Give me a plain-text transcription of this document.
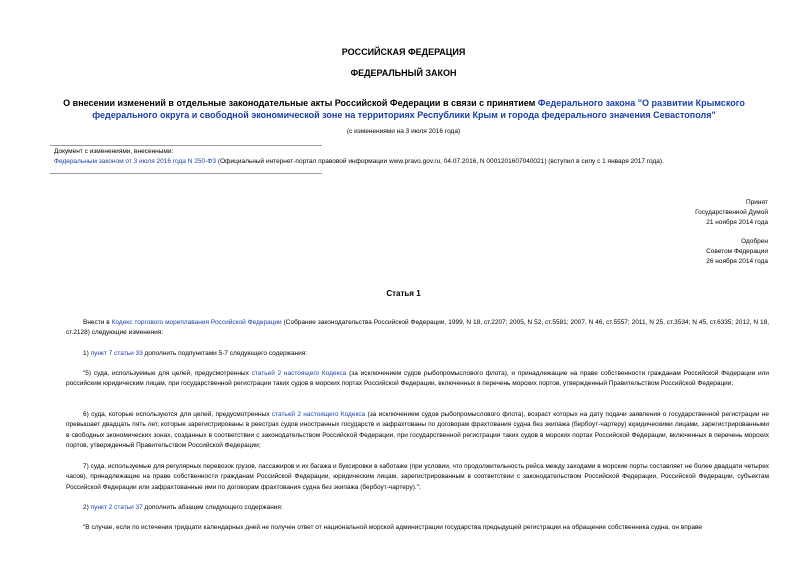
РОССИЙСКАЯ ФЕДЕРАЦИЯ
ФЕДЕРАЛЬНЫЙ ЗАКОН
О внесении изменений в отдельные законодательные акты Российской Федерации в связи с принятием Федерального закона "О развитии Крымского федерального округа и свободной экономической зоне на территориях Республики Крым и города федерального значения Севастополя"
(с изменениями на 3 июля 2016 года)
Документ с изменениями, внесенными:
Федеральным законом от 3 июля 2016 года N 250-ФЗ (Официальный интернет-портал правовой информации www.pravo.gov.ru, 04.07.2016, N 0001201607040021) (вступил в силу с 1 января 2017 года).
Принят
Государственной Думой
21 ноября 2014 года
Одобрен
Советом Федерации
26 ноября 2014 года
Статья 1
Внести в Кодекс торгового мореплавания Российской Федерации (Собрание законодательства Российской Федерации, 1999, N 18, ст.2207; 2005, N 52, ст.5581; 2007, N 46, ст.5557; 2011, N 25, ст.3534; N 45, ст.6335; 2012, N 18, ст.2128) следующие изменения:
1) пункт 7 статьи 33 дополнить подпунктами 5-7 следующего содержания:
"5) суда, используемые для целей, предусмотренных статьей 2 настоящего Кодекса (за исключением судов рыбопромыслового флота), и принадлежащие на праве собственности гражданам Российской Федерации или российским юридическим лицам, при государственной регистрации таких судов в морских портах Российской Федерации, включенных в перечень морских портов, утвержденный Правительством Российской Федерации;
6) суда, которые используются для целей, предусмотренных статьей 2 настоящего Кодекса (за исключением судов рыбопромыслового флота), возраст которых на дату подачи заявления о государственной регистрации не превышает двадцать пять лет, которые зарегистрированы в реестрах судов иностранных государств и зафрахтованы по договорам фрахтования судна без экипажа (бербоут-чартеру) юридическими лицами, зарегистрированными в свободных экономических зонах, созданных в соответствии с законодательством Российской Федерации, при государственной регистрации таких судов в морских портах Российской Федерации, включенных в перечень морских портов, утвержденный Правительством Российской Федерации;
7) суда, используемые для регулярных перевозок грузов, пассажиров и их багажа и буксировки в каботаже (при условии, что продолжительность рейса между заходами в морские порты составляет не более двадцати четырех часов), принадлежащие на праве собственности гражданам Российской Федерации, юридическим лицам, зарегистрированным в соответствии с законодательством Российской Федерации, Российской Федерации, субъектам Российской Федерации или зафрахтованные ими по договорам фрахтования судна без экипажа (бербоут-чартеру).";
2) пункт 2 статьи 37 дополнить абзацем следующего содержания:
"В случае, если по истечении тридцати календарных дней не получен ответ от национальной морской администрации государства предыдущей регистрации на обращение собственника судна, он вправе
